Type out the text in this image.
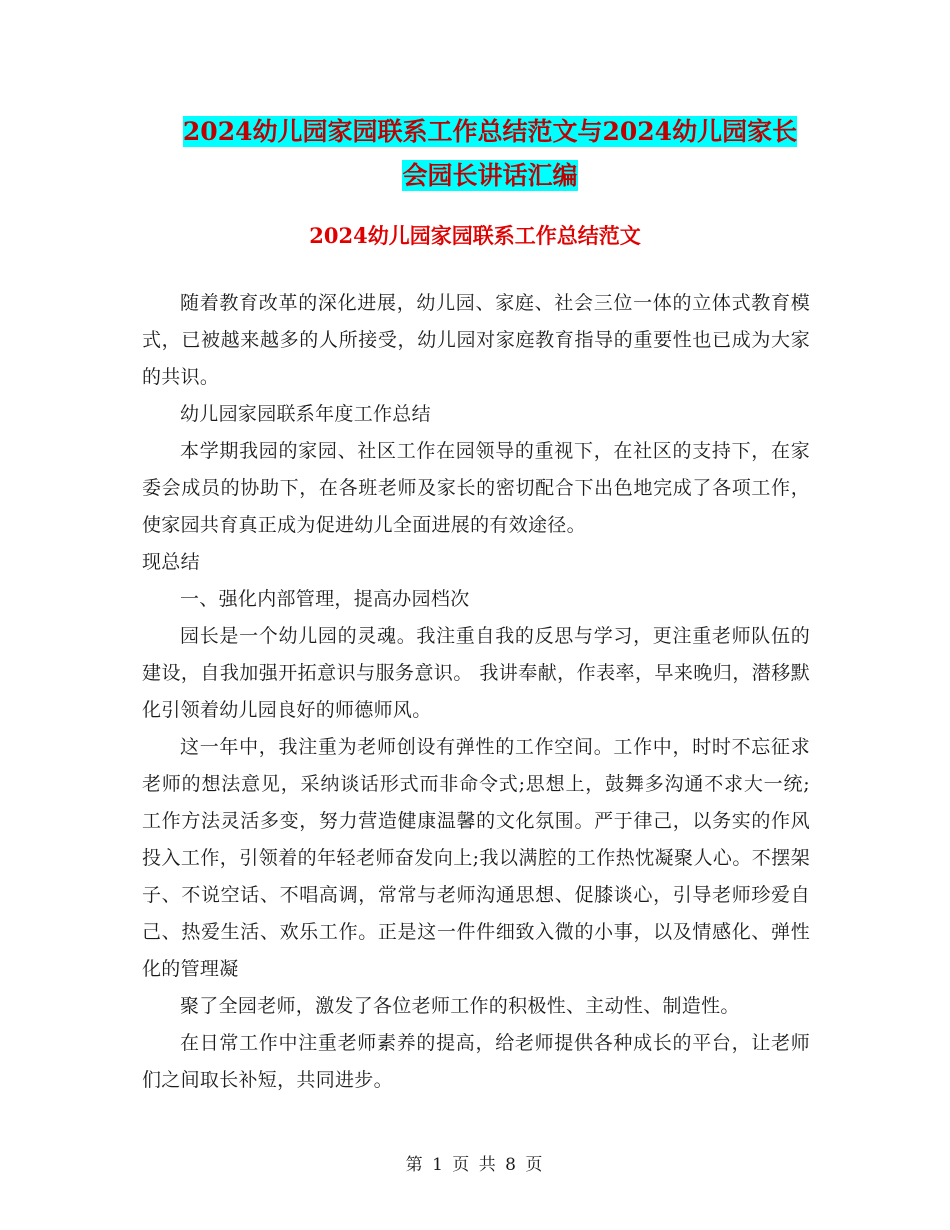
2024幼儿园家园联系工作总结范文与2024幼儿园家长
会园长讲话汇编
2024幼儿园家园联系工作总结范文

随着教育改革的深化进展，幼儿园、家庭、社会三位一体的立体式教育模式，已被越来越多的人所接受，幼儿园对家庭教育指导的重要性也已成为大家的共识。

幼儿园家园联系年度工作总结

本学期我园的家园、社区工作在园领导的重视下，在社区的支持下，在家委会成员的协助下，在各班老师及家长的密切配合下出色地完成了各项工作，使家园共育真正成为促进幼儿全面进展的有效途径。

现总结

一、强化内部管理，提高办园档次

园长是一个幼儿园的灵魂。我注重自我的反思与学习，更注重老师队伍的建设，自我加强开拓意识与服务意识。 我讲奉献，作表率，早来晚归，潜移默化引领着幼儿园良好的师德师风。

这一年中，我注重为老师创设有弹性的工作空间。工作中，时时不忘征求老师的想法意见，采纳谈话形式而非命令式;思想上，鼓舞多沟通不求大一统;工作方法灵活多变，努力营造健康温馨的文化氛围。严于律己，以务实的作风投入工作，引领着的年轻老师奋发向上;我以满腔的工作热忱凝聚人心。不摆架子、不说空话、不唱高调，常常与老师沟通思想、促膝谈心，引导老师珍爱自己、热爱生活、欢乐工作。正是这一件件细致入微的小事，以及情感化、弹性化的管理凝

聚了全园老师，激发了各位老师工作的积极性、主动性、制造性。

在日常工作中注重老师素养的提高，给老师提供各种成长的平台，让老师们之间取长补短，共同进步。

第 1 页 共 8 页
